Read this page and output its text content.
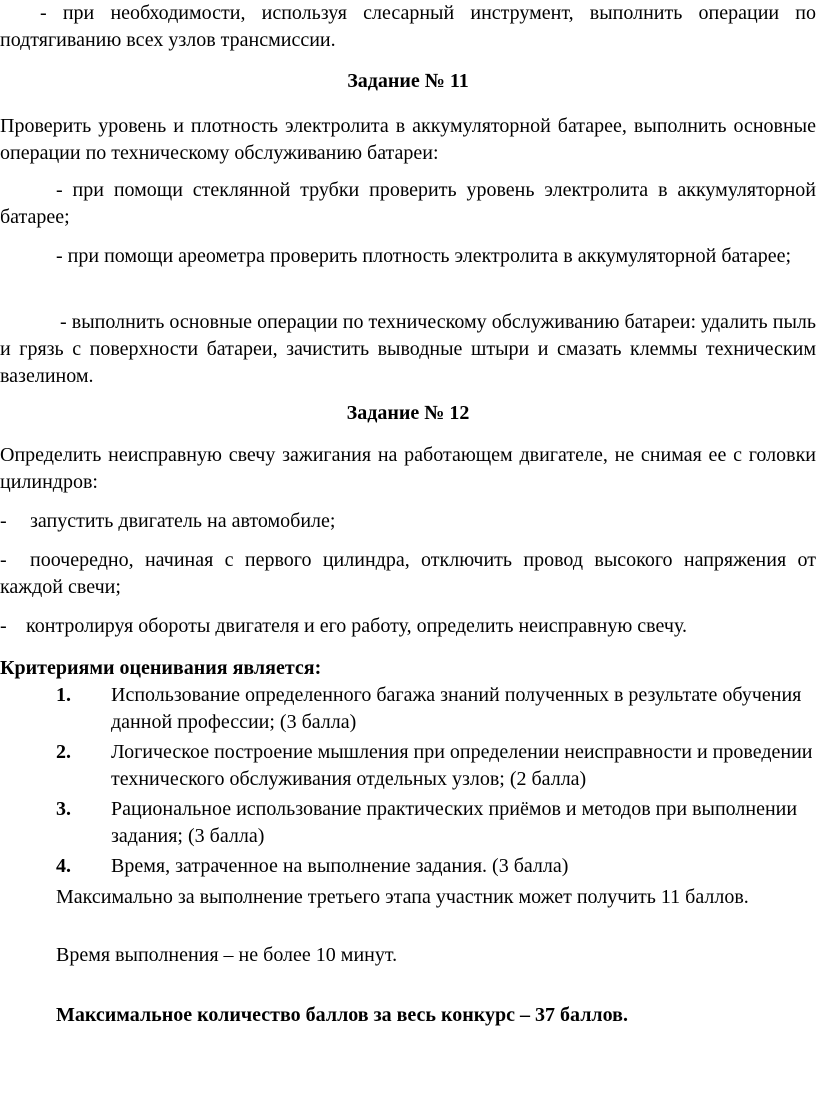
- при необходимости, используя слесарный инструмент, выполнить операции по подтягиванию всех узлов трансмиссии.

Задание № 11

Проверить уровень и плотность электролита в аккумуляторной батарее, выполнить основные операции по техническому обслуживанию батареи:

- при помощи стеклянной трубки проверить уровень электролита в аккумуляторной батарее;

- при помощи ареометра проверить плотность электролита в аккумуляторной батарее;

- выполнить основные операции по техническому обслуживанию батареи: удалить пыль и грязь с поверхности батареи, зачистить выводные штыри и смазать клеммы техническим вазелином.

Задание № 12

Определить неисправную свечу зажигания на работающем двигателе, не снимая ее с головки цилиндров:

-	запустить двигатель на автомобиле;

- поочередно, начиная с первого цилиндра, отключить провод высокого напряжения от каждой свечи;

- контролируя обороты двигателя и его работу, определить неисправную свечу.

Критериями оценивания является:

1.	Использование определенного багажа знаний полученных в результате обучения данной профессии; (3 балла)
2.	Логическое построение мышления при определении неисправности и проведении технического обслуживания отдельных узлов; (2 балла)
3.	Рациональное использование практических приёмов и методов при выполнении задания; (3 балла)
4.	Время, затраченное на выполнение задания. (3 балла)

Максимально за выполнение третьего этапа участник может получить 11 баллов.

Время выполнения – не более 10 минут.

Максимальное количество баллов за весь конкурс – 37 баллов.
